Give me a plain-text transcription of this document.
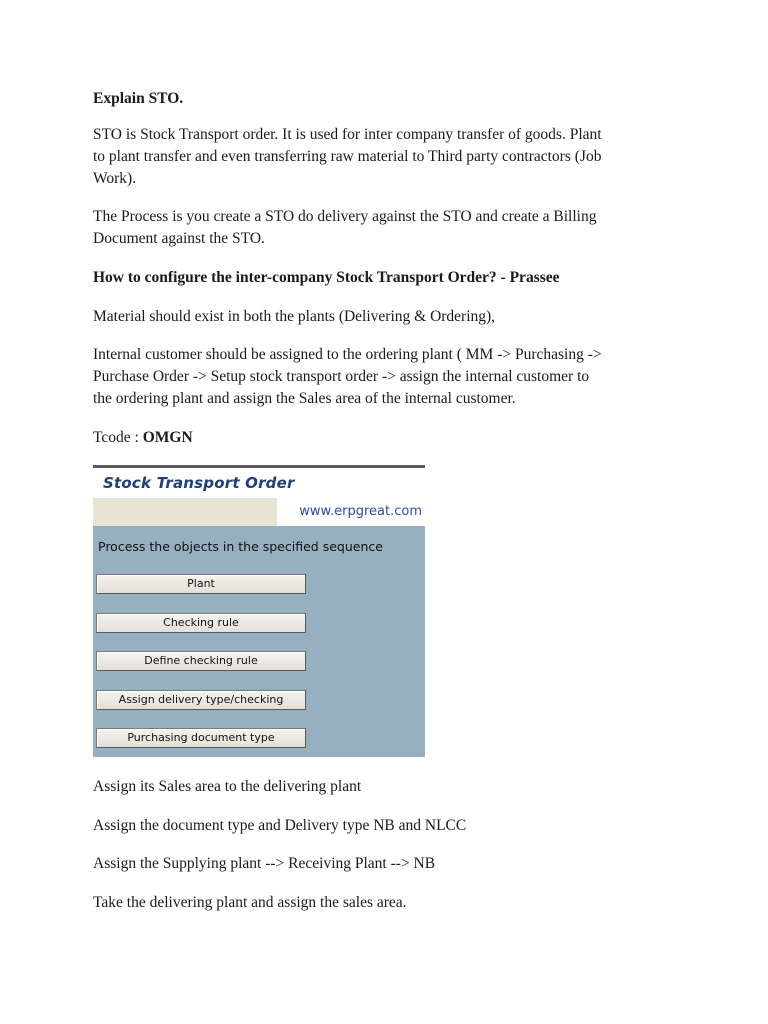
Explain STO.
STO is Stock Transport order. It is used for inter company transfer of goods. Plant
to plant transfer and even transferring raw material to Third party contractors (Job
Work).
The Process is you create a STO do delivery against the STO and create a Billing
Document against the STO.
How to configure the inter-company Stock Transport Order? - Prassee
Material should exist in both the plants (Delivering & Ordering),
Internal customer should be assigned to the ordering plant ( MM -> Purchasing ->
Purchase Order -> Setup stock transport order -> assign the internal customer to
the ordering plant and assign the Sales area of the internal customer.
Tcode : OMGN
Assign its Sales area to the delivering plant
Assign the document type and Delivery type NB and NLCC
Assign the Supplying plant --> Receiving Plant --> NB
Take the delivering plant and assign the sales area.
Stock Transport Order
www.erpgreat.com
Process the objects in the specified sequence
Plant
Checking rule
Define checking rule
Assign delivery type/checking
Purchasing document type
